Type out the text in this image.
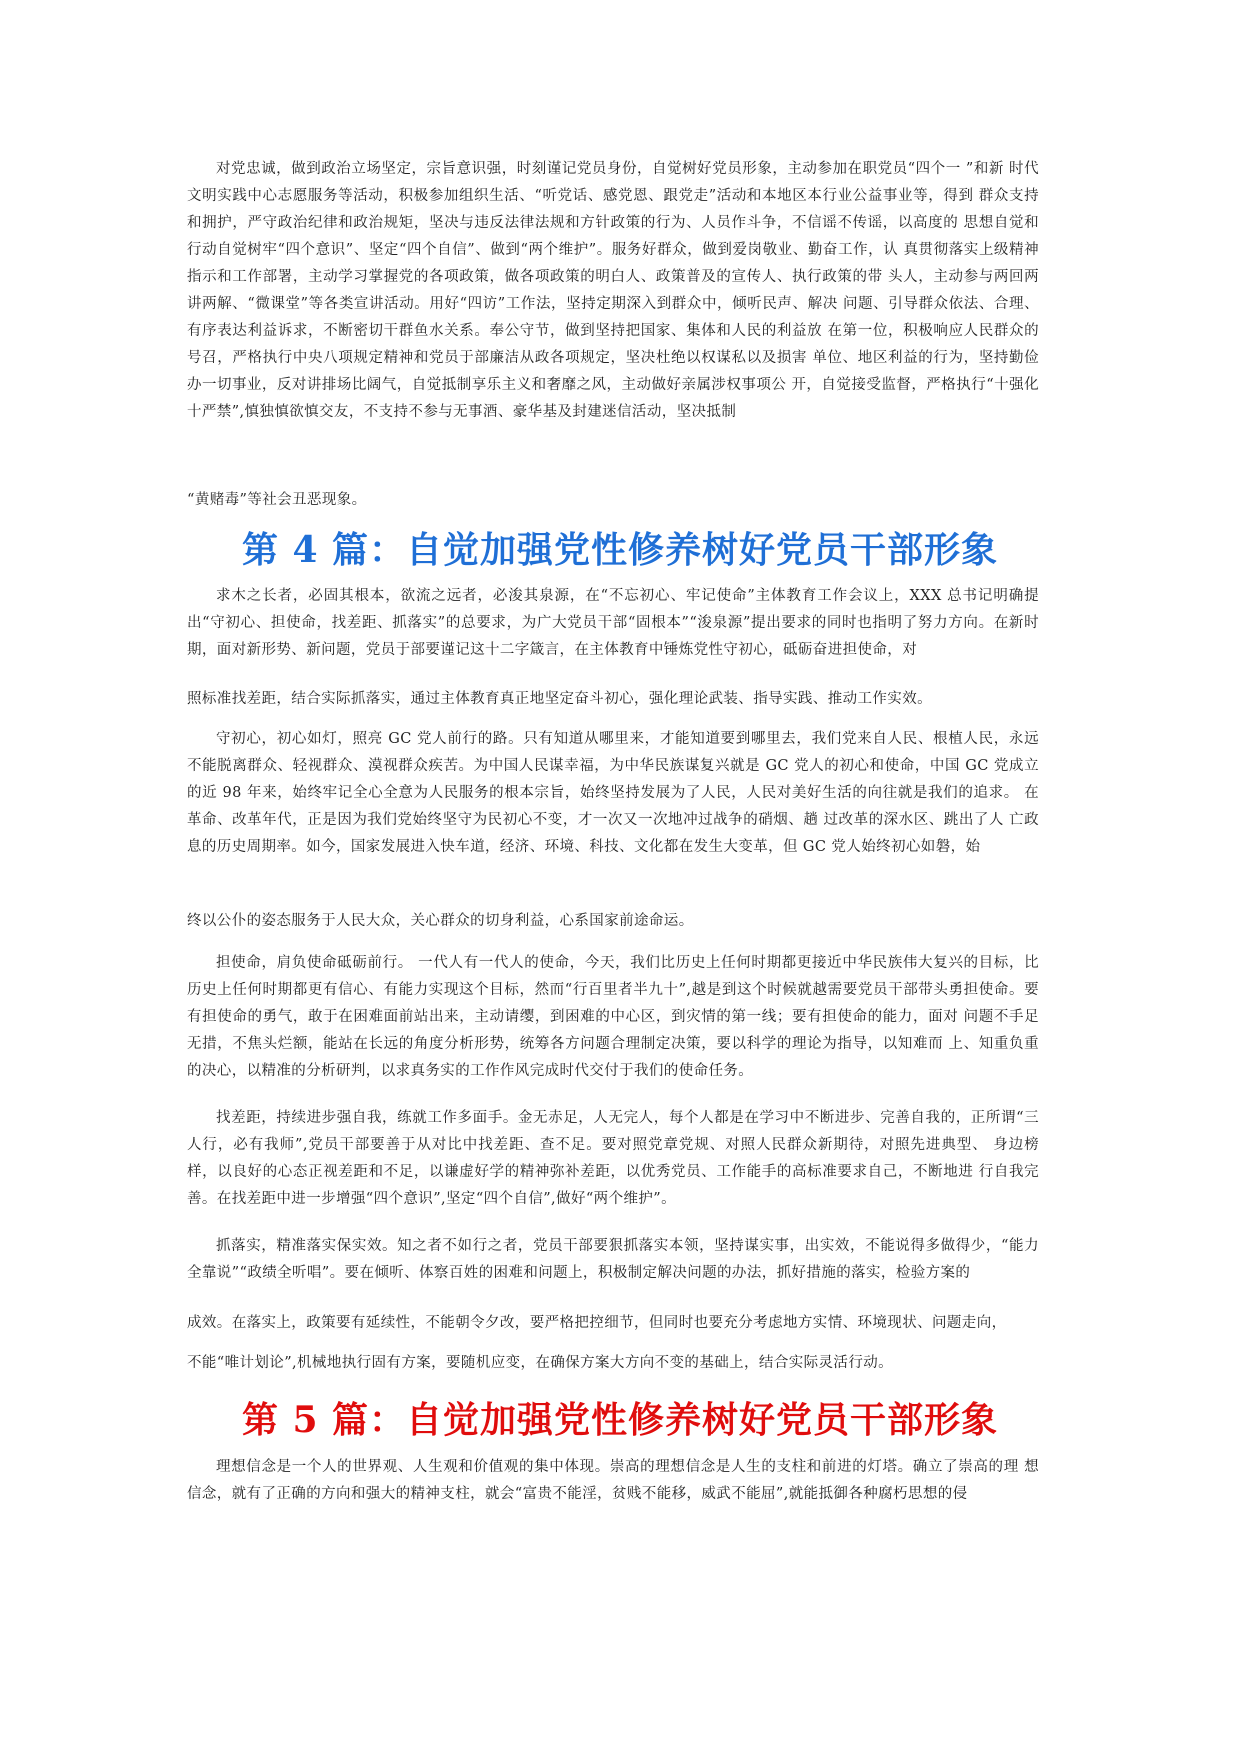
对党忠诚，做到政治立场坚定，宗旨意识强，时刻谨记党员身份，自觉树好党员形象，主动参加在职党员“四个一 ”和新 时代文明实践中心志愿服务等活动，积极参加组织生活、“听党话、感党恩、跟党走”活动和本地区本行业公益事业等，得到 群众支持和拥护，严守政治纪律和政治规矩，坚决与违反法律法规和方针政策的行为、人员作斗争，不信谣不传谣，以高度的 思想自觉和行动自觉树牢“四个意识”、坚定“四个自信”、做到“两个维护”。服务好群众，做到爱岗敬业、勤奋工作，认 真贯彻落实上级精神指示和工作部署，主动学习掌握党的各项政策，做各项政策的明白人、政策普及的宣传人、执行政策的带 头人，主动参与两回两讲两解、“微课堂”等各类宣讲活动。用好“四访”工作法，坚持定期深入到群众中，倾听民声、解决 问题、引导群众依法、合理、有序表达利益诉求，不断密切干群鱼水关系。奉公守节，做到坚持把国家、集体和人民的利益放 在第一位，积极响应人民群众的号召，严格执行中央八项规定精神和党员于部廉洁从政各项规定，坚决杜绝以权谋私以及损害 单位、地区利益的行为，坚持勤俭办一切事业，反对讲排场比阔气，自觉抵制享乐主义和奢靡之风，主动做好亲属涉权事项公 开，自觉接受监督，严格执行“十强化十严禁”,慎独慎欲慎交友，不支持不参与无事酒、豪华基及封建迷信活动，坚决抵制

“黄赌毒”等社会丑恶现象。

第 4 篇：自觉加强党性修养树好党员干部形象

求木之长者，必固其根本，欲流之远者，必浚其泉源，在“不忘初心、牢记使命”主体教育工作会议上，XXX 总书记明确提出“守初心、担使命，找差距、抓落实”的总要求，为广大党员干部“固根本”“浚泉源”提出要求的同时也指明了努力方向。在新时期，面对新形势、新问题，党员于部要谨记这十二字箴言，在主体教育中锤炼党性守初心，砥砺奋进担使命，对

照标准找差距，结合实际抓落实，通过主体教育真正地坚定奋斗初心，强化理论武装、指导实践、推动工作实效。

守初心，初心如灯，照亮 GC 党人前行的路。只有知道从哪里来，才能知道要到哪里去，我们党来自人民、根植人民，永远不能脱离群众、轻视群众、漠视群众疾苦。为中国人民谋幸福，为中华民族谋复兴就是 GC 党人的初心和使命，中国 GC 党成立的近 98 年来，始终牢记全心全意为人民服务的根本宗旨，始终坚持发展为了人民，人民对美好生活的向往就是我们的追求。 在革命、改革年代，正是因为我们党始终坚守为民初心不变，才一次又一次地冲过战争的硝烟、趟 过改革的深水区、跳出了人 亡政息的历史周期率。如今，国家发展进入快车道，经济、环境、科技、文化都在发生大变革，但 GC 党人始终初心如磐，始

终以公仆的姿态服务于人民大众，关心群众的切身利益，心系国家前途命运。

担使命，肩负使命砥砺前行。 一代人有一代人的使命，今天，我们比历史上任何时期都更接近中华民族伟大复兴的目标，比历史上任何时期都更有信心、有能力实现这个目标，然而“行百里者半九十”,越是到这个时候就越需要党员干部带头勇担使命。要有担使命的勇气，敢于在困难面前站出来，主动请缨，到困难的中心区，到灾情的第一线；要有担使命的能力，面对 问题不手足无措，不焦头烂额，能站在长远的角度分析形势，统筹各方问题合理制定决策，要以科学的理论为指导，以知难而 上、知重负重的决心，以精准的分析研判，以求真务实的工作作风完成时代交付于我们的使命任务。

找差距，持续进步强自我，练就工作多面手。金无赤足，人无完人，每个人都是在学习中不断进步、完善自我的，正所谓“三人行，必有我师”,党员干部要善于从对比中找差距、查不足。要对照党章党规、对照人民群众新期待，对照先进典型、 身边榜样，以良好的心态正视差距和不足，以谦虚好学的精神弥补差距，以优秀党员、工作能手的高标准要求自己，不断地进 行自我完善。在找差距中进一步增强“四个意识”,坚定“四个自信”,做好“两个维护”。

抓落实，精准落实保实效。知之者不如行之者，党员干部要狠抓落实本领，坚持谋实事，出实效，不能说得多做得少，“能力全靠说”“政绩全听唱”。要在倾听、体察百姓的困难和问题上，积极制定解决问题的办法，抓好措施的落实，检验方案的

成效。在落实上，政策要有延续性，不能朝令夕改，要严格把控细节，但同时也要充分考虑地方实情、环境现状、问题走向，

不能“唯计划论”,机械地执行固有方案，要随机应变，在确保方案大方向不变的基础上，结合实际灵活行动。

第 5 篇：自觉加强党性修养树好党员干部形象

理想信念是一个人的世界观、人生观和价值观的集中体现。崇高的理想信念是人生的支柱和前进的灯塔。确立了崇高的理 想信念，就有了正确的方向和强大的精神支柱，就会“富贵不能淫，贫贱不能移，威武不能屈”,就能抵御各种腐朽思想的侵
